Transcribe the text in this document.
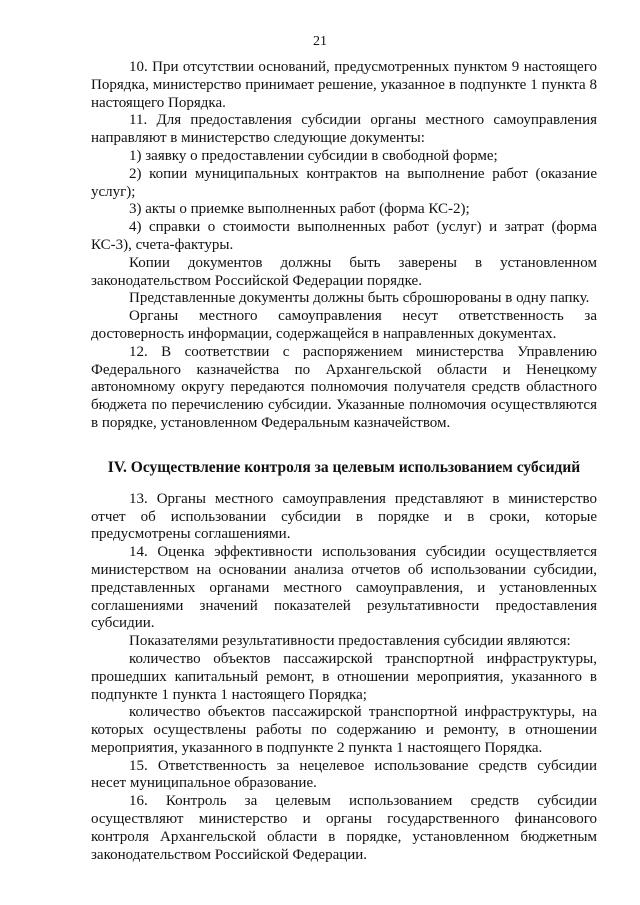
21

10. При отсутствии оснований, предусмотренных пунктом 9 настоящего Порядка, министерство принимает решение, указанное в подпункте 1 пункта 8 настоящего Порядка.

11. Для предоставления субсидии органы местного самоуправления направляют в министерство следующие документы:

1) заявку о предоставлении субсидии в свободной форме;

2) копии муниципальных контрактов на выполнение работ (оказание услуг);

3) акты о приемке выполненных работ (форма КС-2);

4) справки о стоимости выполненных работ (услуг) и затрат (форма КС-3), счета-фактуры.

Копии документов должны быть заверены в установленном законодательством Российской Федерации порядке.

Представленные документы должны быть сброшюрованы в одну папку.

Органы местного самоуправления несут ответственность за достоверность информации, содержащейся в направленных документах.

12. В соответствии с распоряжением министерства Управлению Федерального казначейства по Архангельской области и Ненецкому автономному округу передаются полномочия получателя средств областного бюджета по перечислению субсидии. Указанные полномочия осуществляются в порядке, установленном Федеральным казначейством.

IV. Осуществление контроля за целевым использованием субсидий

13. Органы местного самоуправления представляют в министерство отчет об использовании субсидии в порядке и в сроки, которые предусмотрены соглашениями.

14. Оценка эффективности использования субсидии осуществляется министерством на основании анализа отчетов об использовании субсидии, представленных органами местного самоуправления, и установленных соглашениями значений показателей результативности предоставления субсидии.

Показателями результативности предоставления субсидии являются:

количество объектов пассажирской транспортной инфраструктуры, прошедших капитальный ремонт, в отношении мероприятия, указанного в подпункте 1 пункта 1 настоящего Порядка;

количество объектов пассажирской транспортной инфраструктуры, на которых осуществлены работы по содержанию и ремонту, в отношении мероприятия, указанного в подпункте 2 пункта 1 настоящего Порядка.

15. Ответственность за нецелевое использование средств субсидии несет муниципальное образование.

16. Контроль за целевым использованием средств субсидии осуществляют министерство и органы государственного финансового контроля Архангельской области в порядке, установленном бюджетным законодательством Российской Федерации.
